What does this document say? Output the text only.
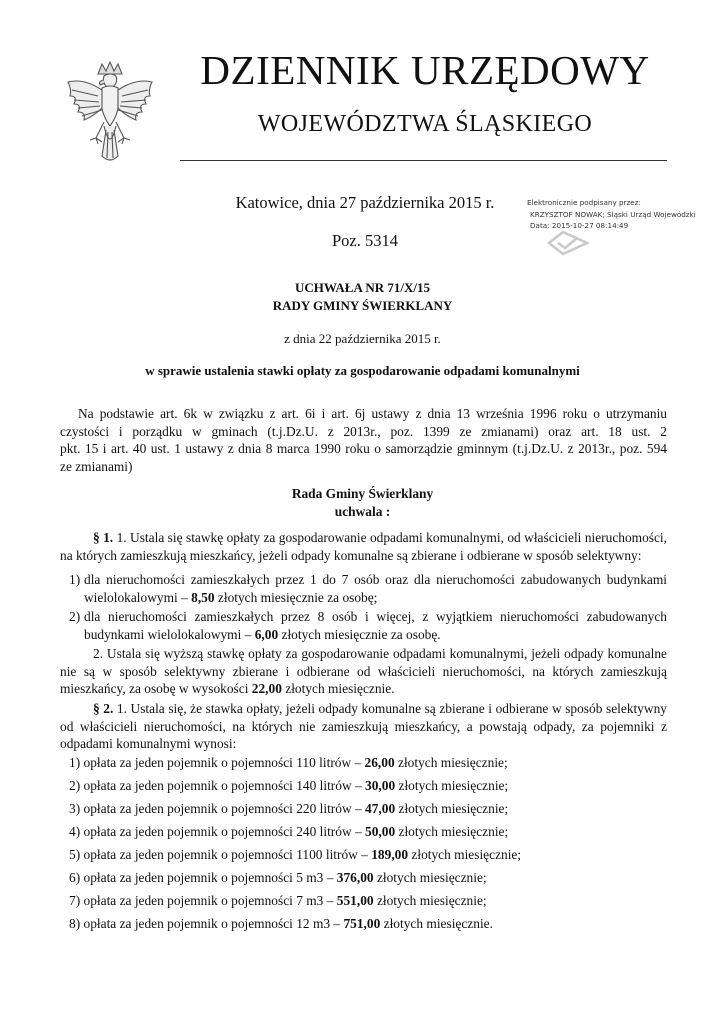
DZIENNIK URZĘDOWY
WOJEWÓDZTWA ŚLĄSKIEGO
Katowice, dnia 27 października 2015 r.
Poz. 5314
Elektronicznie podpisany przez:
KRZYSZTOF NOWAK; Śląski Urząd Wojewódzki
Data: 2015-10-27 08:14:49
UCHWAŁA NR 71/X/15
RADY GMINY ŚWIERKLANY
z dnia 22 października 2015 r.
w sprawie ustalenia stawki opłaty za gospodarowanie odpadami komunalnymi
Na podstawie art. 6k w związku z art. 6i i art. 6j ustawy z dnia 13 września 1996 roku o utrzymaniu
czystości i porządku w gminach (t.j.Dz.U. z 2013r., poz. 1399 ze zmianami) oraz art. 18 ust. 2
pkt. 15 i art. 40 ust. 1 ustawy z dnia 8 marca 1990 roku o samorządzie gminnym (t.j.Dz.U. z 2013r., poz. 594
ze zmianami)
Rada Gminy Świerklany
uchwala :
§ 1. 1. Ustala się stawkę opłaty za gospodarowanie odpadami komunalnymi, od właścicieli nieruchomości, na których zamieszkują mieszkańcy, jeżeli odpady komunalne są zbierane i odbierane w sposób selektywny:
1) dla nieruchomości zamieszkałych przez 1 do 7 osób oraz dla nieruchomości zabudowanych budynkami wielolokalowymi – 8,50 złotych miesięcznie za osobę;
2) dla nieruchomości zamieszkałych przez 8 osób i więcej, z wyjątkiem nieruchomości zabudowanych budynkami wielolokalowymi – 6,00 złotych miesięcznie za osobę.
2. Ustala się wyższą stawkę opłaty za gospodarowanie odpadami komunalnymi, jeżeli odpady komunalne nie są w sposób selektywny zbierane i odbierane od właścicieli nieruchomości, na których zamieszkują mieszkańcy, za osobę w wysokości 22,00 złotych miesięcznie.
§ 2. 1. Ustala się, że stawka opłaty, jeżeli odpady komunalne są zbierane i odbierane w sposób selektywny od właścicieli nieruchomości, na których nie zamieszkują mieszkańcy, a powstają odpady, za pojemniki z odpadami komunalnymi wynosi:
1) opłata za jeden pojemnik o pojemności 110 litrów – 26,00 złotych miesięcznie;
2) opłata za jeden pojemnik o pojemności 140 litrów – 30,00 złotych miesięcznie;
3) opłata za jeden pojemnik o pojemności 220 litrów – 47,00 złotych miesięcznie;
4) opłata za jeden pojemnik o pojemności 240 litrów – 50,00 złotych miesięcznie;
5) opłata za jeden pojemnik o pojemności 1100 litrów – 189,00 złotych miesięcznie;
6) opłata za jeden pojemnik o pojemności 5 m3 – 376,00 złotych miesięcznie;
7) opłata za jeden pojemnik o pojemności 7 m3 – 551,00 złotych miesięcznie;
8) opłata za jeden pojemnik o pojemności 12 m3 – 751,00 złotych miesięcznie.
